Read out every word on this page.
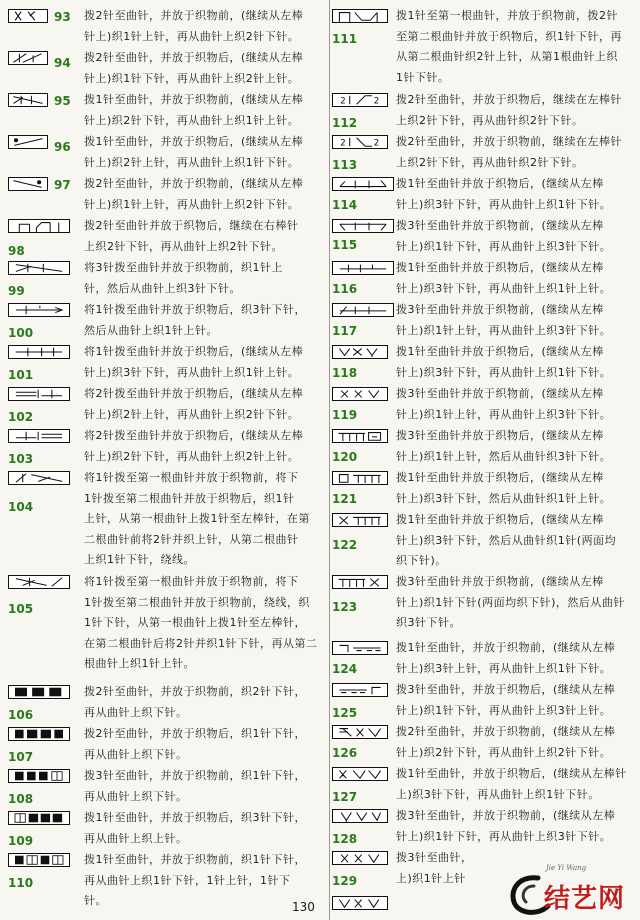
93 拨2针至曲针，并放于织物前，(继续从左棒
针上)织1针上针，再从曲针上织2针下针。
94 拨2针至曲针，并放于织物后，(继续从左棒
针上)织1针下针，再从曲针上织2针上针。
95 拨1针至曲针，并放于织物前，(继续从左棒
针上)织2针下针，再从曲针上织1针上针。
96 拨1针至曲针，并放于织物后，(继续从左棒
针上)织2针上针，再从曲针上织1针下针。
97 拨2针至曲针，并放于织物前，(继续从左棒
针上)织1针上针，再从曲针上织2针下针。
98
拨2针至曲针并放于织物后，继续在右棒针
上织2针下针，再从曲针上织2针下针。
99
将3针拨至曲针并放于织物前，织1针上
针，然后从曲针上织3针下针。
100
将1针拨至曲针并放于织物后，织3针下针，
然后从曲针上织1针上针。
101
将1针拨至曲针并放于织物后，(继续从左棒
针上)织3针下针，再从曲针上织1针上针。
102
将2针拨至曲针并放于织物后，(继续从左棒
针上)织2针上针，再从曲针上织2针下针。
103
将2针拨至曲针并放于织物后，(继续从左棒
针上)织2针下针，再从曲针上织2针上针。
104
将1针拨至第一根曲针并放于织物前，将下
1针拨至第二根曲针并放于织物后，织1针
上针，从第一根曲针上拨1针至左棒针，在第
二根曲针前将2针并织上针，从第二根曲针
上织1针下针，绕线。
105
将1针拨至第一根曲针并放于织物前，将下
1针拨至第二根曲针并放于织物前，绕线，织
1针下针，从第一根曲针上拨1针至左棒针，
在第二根曲针后将2针并织1针下针，再从第二
根曲针上织1针上针。
106
拨2针至曲针，并放于织物前，织2针下针，
再从曲针上织下针。
107
拨2针至曲针，并放于织物后，织1针下针，
再从曲针上织下针。
108
拨3针至曲针，并放于织物前，织1针下针，
再从曲针上织下针。
109
拨1针至曲针，并放于织物后，织3针下针，
再从曲针上织上针。
110
拨1针至曲针，并放于织物前，织1针下针，
再从曲针上织1针下针，1针上针，1针下
针。
111
拨1针至第一根曲针，并放于织物前，拨2针
至第二根曲针并放于织物后，织1针下针，再
从第二根曲针织2针上针，从第1根曲针上织
1针下针。
2	2
112
拨2针至曲针，并放于织物后，继续在左棒针
上织2针下针，再从曲针织2针下针。
2	2
113
拨2针至曲针，并放于织物前，继续在左棒针
上织2针下针，再从曲针织2针下针。
114
拨1针至曲针并放于织物后，(继续从左棒
针上)织3针下针，再从曲针上织1针下针。
115
拨3针至曲针并放于织物前，(继续从左棒
针上)织1针下针，再从曲针上织3针下针。
116
拨1针至曲针并放于织物后，(继续从左棒
针上)织3针下针，再从曲针上织1针上针。
117
拨3针至曲针并放于织物前，(继续从左棒
针上)织1针上针，再从曲针上织3针下针。
118
拨1针至曲针并放于织物后，(继续从左棒
针上)织3针下针，再从曲针上织1针下针。
119
拨3针至曲针并放于织物前，(继续从左棒
针上)织1针上针，再从曲针上织3针下针。
120
拨3针至曲针并放于织物后，(继续从左棒
针上)织1针上针，然后从曲针织3针下针。
121
拨1针至曲针并放于织物后，(继续从左棒
针上)织3针下针，然后从曲针织1针上针。
122
拨1针至曲针并放于织物后，(继续从左棒
针上)织3针下针，然后从曲针织1针(两面均
织下针)。
123
拨3针至曲针并放于织物前，(继续从左棒
针上)织1针下针(两面均织下针)，然后从曲针
织3针下针。
124
拨1针至曲针，并放于织物前，(继续从左棒
针上)织3针上针，再从曲针上织1针下针。
125
拨3针至曲针，并放于织物后，(继续从左棒
针上)织1针下针，再从曲针上织3针上针。
126
拨2针至曲针，并放于织物前，(继续从左棒
针上)织2针下针，再从曲针上织2针下针。
127
拨1针至曲针，并放于织物后，(继续从左棒针
上)织3针下针，再从曲针上织1针下针。
128
拨3针至曲针，并放于织物前，(继续从左棒
针上)织1针下针，再从曲针上织3针下针。
129
拨3针至曲针，
上)织1针上针
130
Jie Yi Wang
结艺网
